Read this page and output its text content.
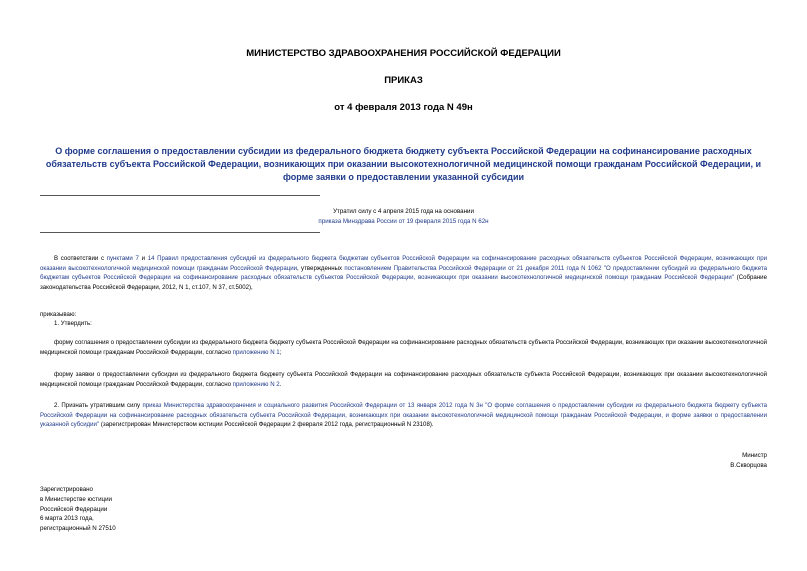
МИНИСТЕРСТВО ЗДРАВООХРАНЕНИЯ РОССИЙСКОЙ ФЕДЕРАЦИИ
ПРИКАЗ
от 4 февраля 2013 года N 49н
О форме соглашения о предоставлении субсидии из федерального бюджета бюджету субъекта Российской Федерации на софинансирование расходных обязательств субъекта Российской Федерации, возникающих при оказании высокотехнологичной медицинской помощи гражданам Российской Федерации, и форме заявки о предоставлении указанной субсидии
Утратил силу с 4 апреля 2015 года на основании
приказа Минздрава России от 19 февраля 2015 года N 62н
В соответствии с пунктами 7 и 14 Правил предоставления субсидий из федерального бюджета бюджетам субъектов Российской Федерации на софинансирование расходных обязательств субъектов Российской Федерации, возникающих при оказании высокотехнологичной медицинской помощи гражданам Российской Федерации, утвержденных постановлением Правительства Российской Федерации от 21 декабря 2011 года N 1062 "О предоставлении субсидий из федерального бюджета бюджетам субъектов Российской Федерации на софинансирование расходных обязательств субъектов Российской Федерации, возникающих при оказании высокотехнологичной медицинской помощи гражданам Российской Федерации" (Собрание законодательства Российской Федерации, 2012, N 1, ст.107, N 37, ст.5002),
приказываю:
1. Утвердить:
форму соглашения о предоставлении субсидии из федерального бюджета бюджету субъекта Российской Федерации на софинансирование расходных обязательств субъекта Российской Федерации, возникающих при оказании высокотехнологичной медицинской помощи гражданам Российской Федерации, согласно приложению N 1;
форму заявки о предоставлении субсидии из федерального бюджета бюджету субъекта Российской Федерации на софинансирование расходных обязательств субъекта Российской Федерации, возникающих при оказании высокотехнологичной медицинской помощи гражданам Российской Федерации, согласно приложению N 2.
2. Признать утратившим силу приказ Министерства здравоохранения и социального развития Российской Федерации от 13 января 2012 года N 3н "О форме соглашения о предоставлении субсидии из федерального бюджета бюджету субъекта Российской Федерации на софинансирование расходных обязательств субъекта Российской Федерации, возникающих при оказании высокотехнологичной медицинской помощи гражданам Российской Федерации, и форме заявки о предоставлении указанной субсидии" (зарегистрирован Министерством юстиции Российской Федерации 2 февраля 2012 года, регистрационный N 23108).
Министр
В.Скворцова
Зарегистрировано
в Министерстве юстиции
Российской Федерации
6 марта 2013 года,
регистрационный N 27510
